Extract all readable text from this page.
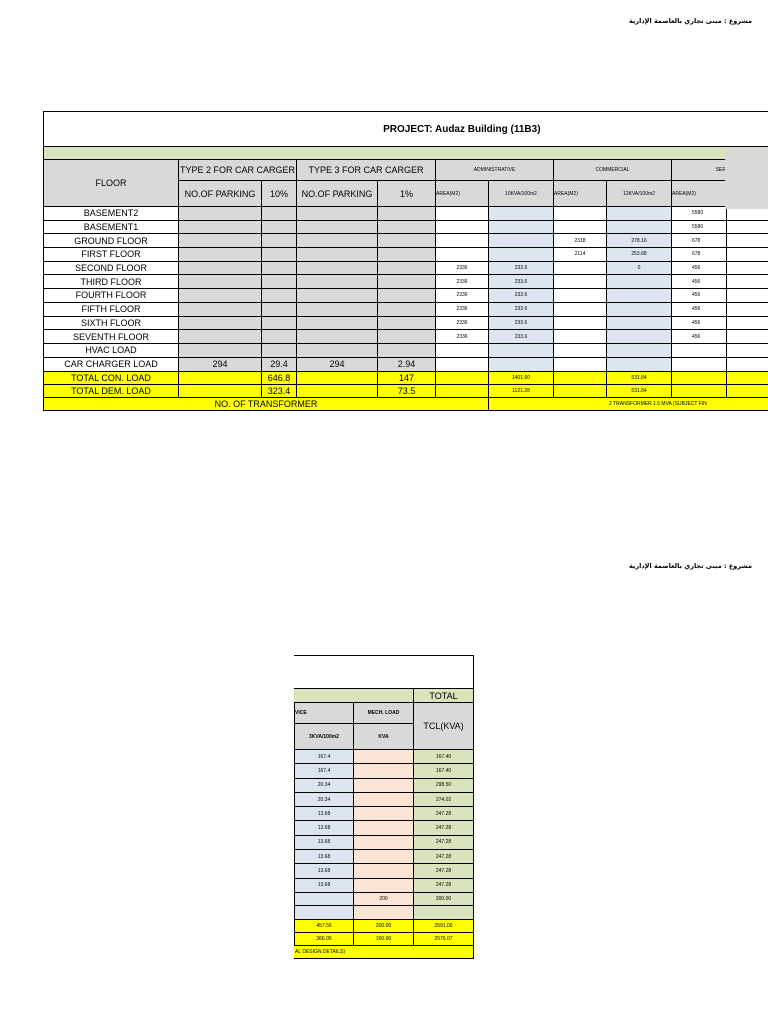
مشروع : مبنى تجاري بالعاصمة الإدارية
مشروع : مبنى تجاري بالعاصمة الإدارية
PROJECT: Audaz Building (11B3)											

FLOOR	TYPE 2 FOR CAR CARGER		TYPE 3 FOR CAR CARGER		ADMINISTRATIVE		COMMERCIAL		SER		
	NO.OF PARKING	10%	NO.OF PARKING	1%	AREA(M2)	10KVA/100m2	AREA(M2)	12KVA/100m2	AREA(M2)		
BASEMENT2									5580		
BASEMENT1									5580		
GROUND FLOOR							2318	278.16	678		
FIRST FLOOR							2114	253.68	678		
SECOND FLOOR					2336	233.6		0	456		
THIRD FLOOR					2336	233.6			456		
FOURTH FLOOR					2336	233.6			456		
FIFTH FLOOR					2336	233.6			456		
SIXTH FLOOR					2336	233.6			456		
SEVENTH FLOOR					2336	233.6			456		
HVAC LOAD											
CAR CHARGER LOAD	294	29.4	294	2.94							
TOTAL CON. LOAD		646.8		147		1401.60		531.84			
TOTAL DEM. LOAD		323.4		73.5		1121.28		531.84			
NO. OF TRANSFORMER						2 TRANSFORMER 1.5 MVA (SUBJECT FIN					

			TOTAL
	VICE	MECH. LOAD	TCL(KVA)
	3KVA/100m2	KVA	
	167.4		167.40
	167.4		167.40
	20.34		298.50
	20.34		274.02
	13.68		247.28
	13.68		247.28
	13.68		247.28
	13.68		247.28
	13.68		247.28
	13.68		247.28
		200	200.00

	457.56	200.00	2591.00
	366.05	160.00	2576.07
AL DESIGN DETAILS)			
